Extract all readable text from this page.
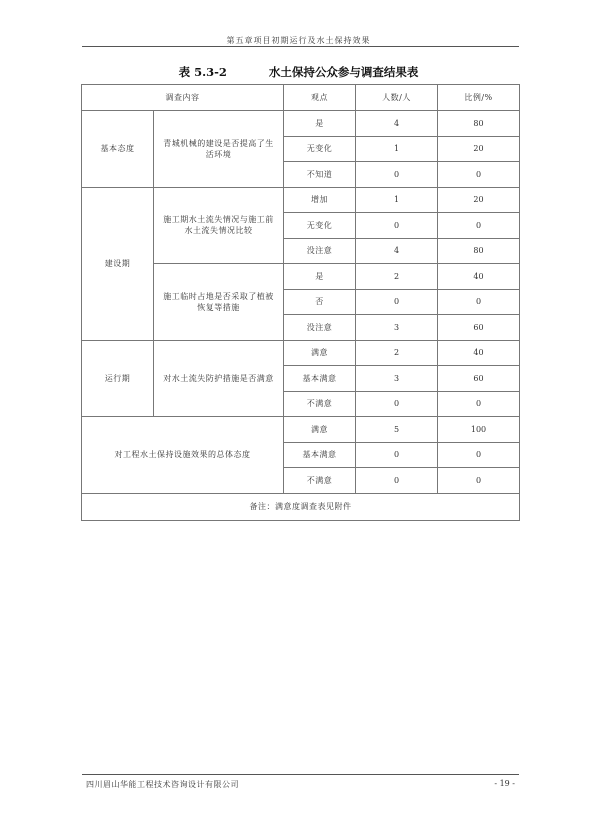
第五章项目初期运行及水土保持效果
表 5.3-2	水土保持公众参与调查结果表
调查内容		观点	人数/人	比例/%
基本态度	青城机械的建设是否提高了生活环境	是	4	80
		无变化	1	20
		不知道	0	0
建设期	施工期水土流失情况与施工前水土流失情况比较	增加	1	20
		无变化	0	0
		没注意	4	80
	施工临时占地是否采取了植被恢复等措施	是	2	40
		否	0	0
		没注意	3	60
运行期	对水土流失防护措施是否满意	满意	2	40
		基本满意	3	60
		不满意	0	0
对工程水土保持设施效果的总体态度		满意	5	100
		基本满意	0	0
		不满意	0	0
备注：满意度调查表见附件				
四川眉山华能工程技术咨询设计有限公司	- 19 -
